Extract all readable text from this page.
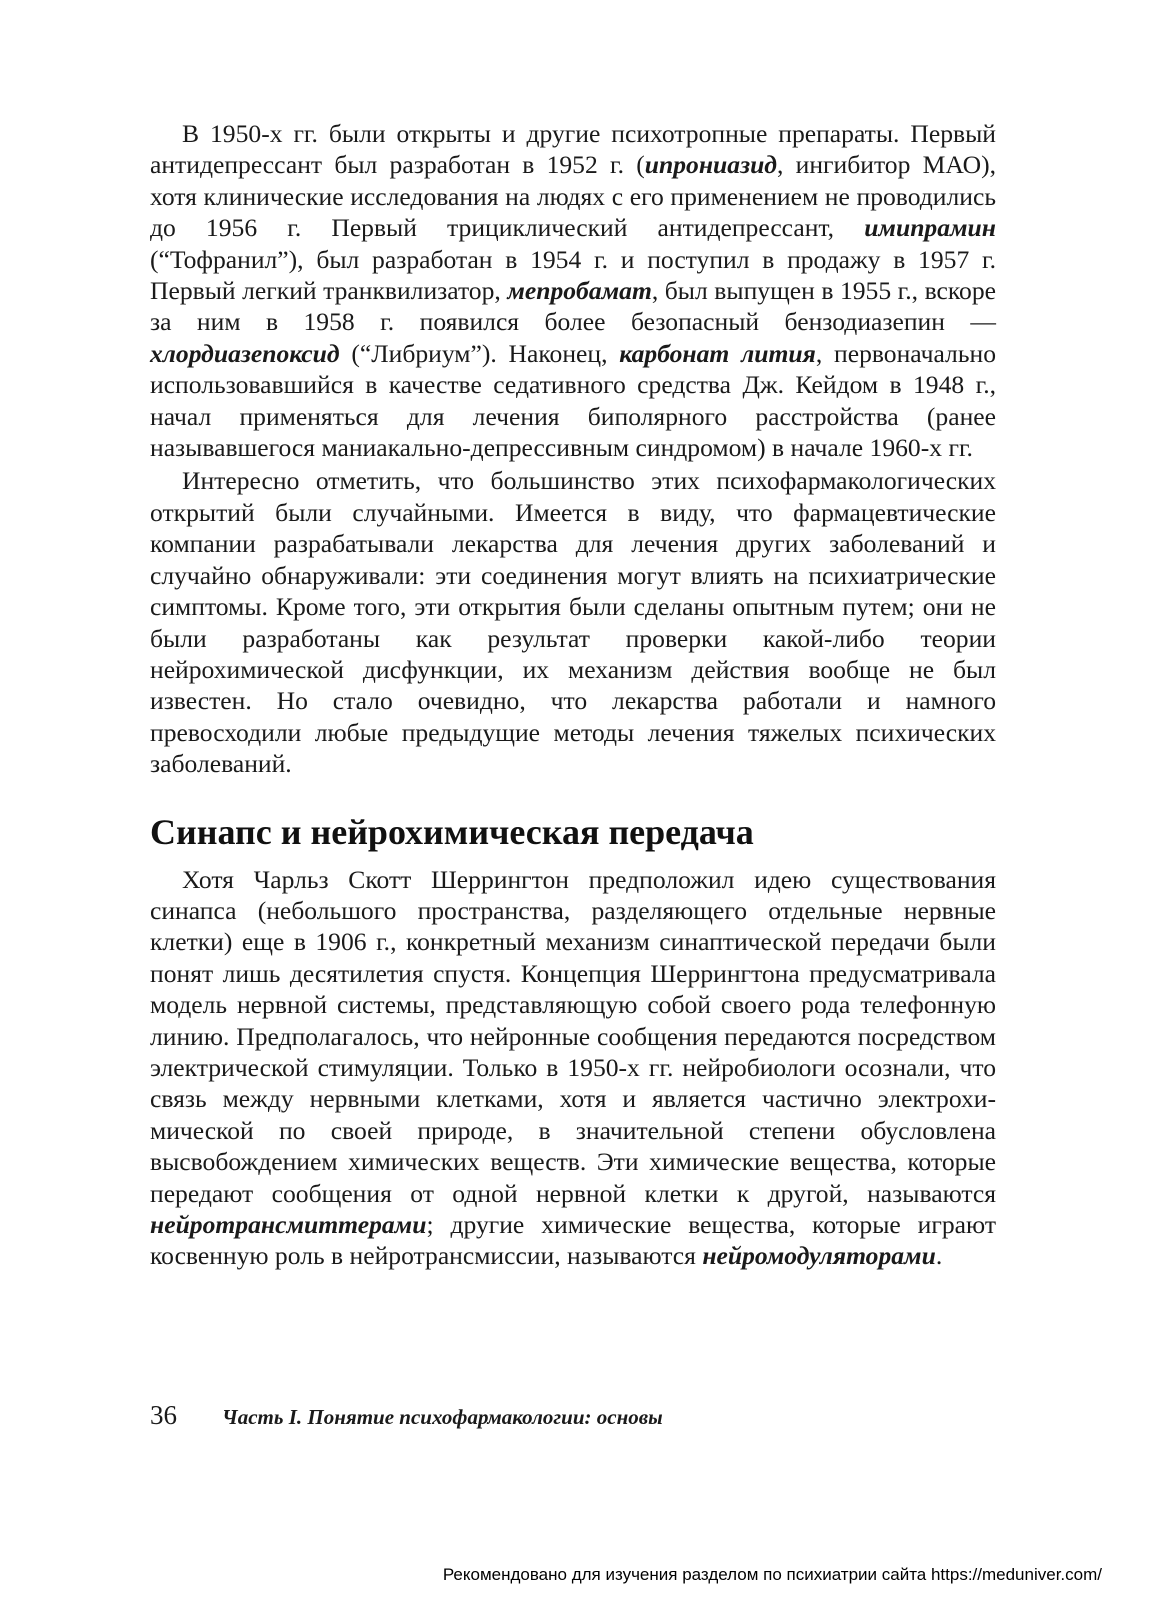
В 1950-х гг. были открыты и другие психотропные препараты. Первый антидепрессант был разработан в 1952 г. (ипрониазид, ингибитор МАО), хотя клинические исследования на людях с его применением не проводились до 1956 г. Первый трициклический антидепрессант, имипрамин (“Тофранил”), был разработан в 1954 г. и поступил в продажу в 1957 г. Первый легкий транквилизатор, мепробамат, был выпущен в 1955 г., вскоре за ним в 1958 г. появился более безопасный бензодиазепин — хлордиазепоксид (“Либриум”). Наконец, карбонат лития, первоначально использовавшийся в качестве седативного средства Дж. Кейдом в 1948 г., начал применяться для лечения биполярного расстройства (ранее называвшегося маниакально-депрессивным синдромом) в начале 1960-х гг.

Интересно отметить, что большинство этих психофармакологических открытий были случайными. Имеется в виду, что фармацевтические компании разрабатывали лекарства для лечения других заболеваний и случайно обнаруживали: эти соединения могут влиять на психиатрические симптомы. Кроме того, эти открытия были сделаны опытным путем; они не были разработаны как результат проверки какой-либо теории нейрохимической дисфункции, их механизм действия вообще не был известен. Но стало очевидно, что лекарства работали и намного превосходили любые предыдущие методы лечения тяжелых психических заболеваний.

Синапс и нейрохимическая передача

Хотя Чарльз Скотт Шеррингтон предположил идею существования синапса (небольшого пространства, разделяющего отдельные нервные клетки) еще в 1906 г., конкретный механизм синаптической передачи были понят лишь десятилетия спустя. Концепция Шеррингтона предусматривала модель нервной системы, представляющую собой своего рода телефонную линию. Предполагалось, что нейронные сообщения передаются посредством электрической стимуляции. Только в 1950-х гг. нейробиологи осознали, что связь между нервными клетками, хотя и является частично электрохимической по своей природе, в значительной степени обусловлена высвобождением химических веществ. Эти химические вещества, которые передают сообщения от одной нервной клетки к другой, называются нейротрансмиттерами; другие химические вещества, которые играют косвенную роль в нейротрансмиссии, называются нейромодуляторами.

36 Часть I. Понятие психофармакологии: основы
Рекомендовано для изучения разделом по психиатрии сайта https://meduniver.com/
